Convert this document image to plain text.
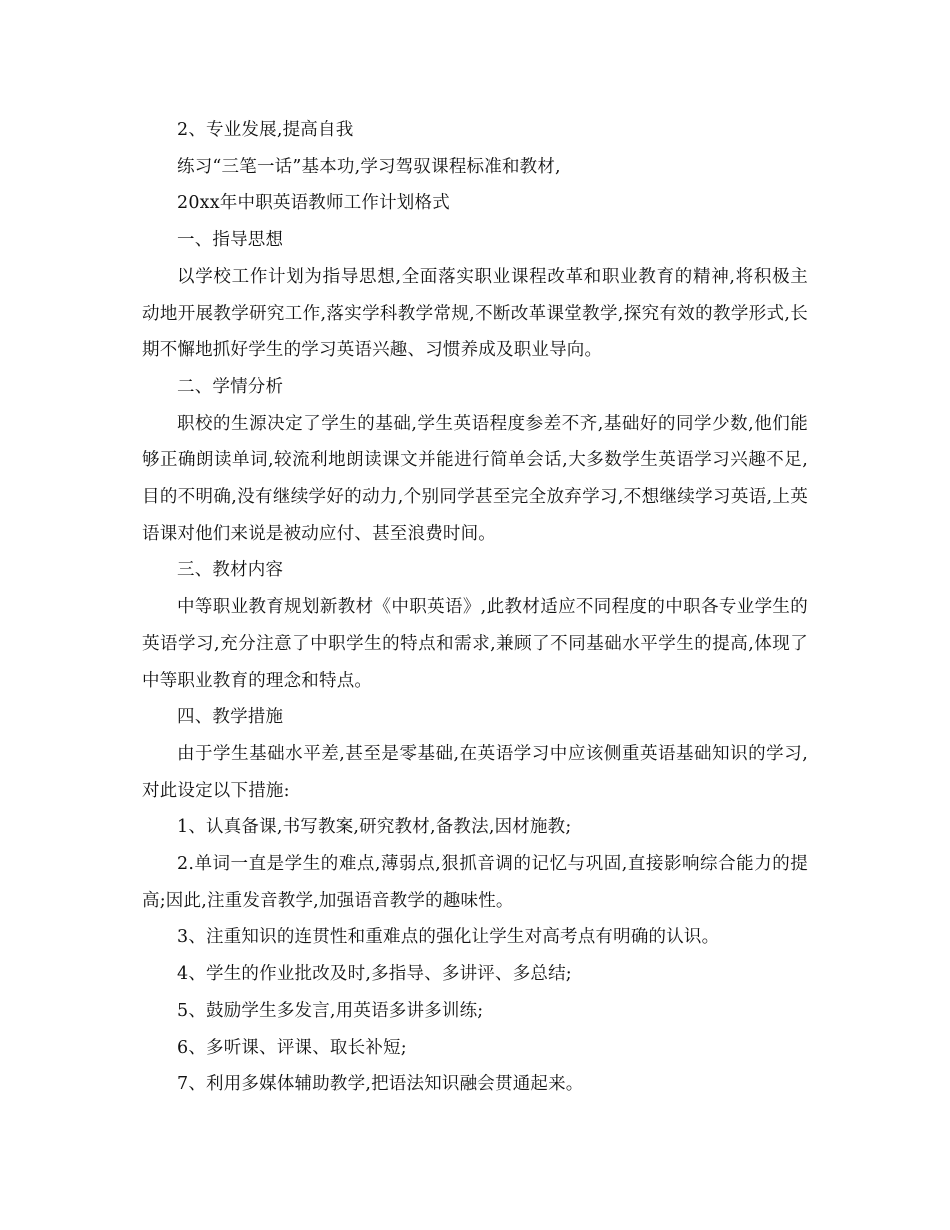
2、专业发展,提高自我

练习“三笔一话”基本功,学习驾驭课程标准和教材,

20xx年中职英语教师工作计划格式

一、指导思想

以学校工作计划为指导思想,全面落实职业课程改革和职业教育的精神,将积极主动地开展教学研究工作,落实学科教学常规,不断改革课堂教学,探究有效的教学形式,长期不懈地抓好学生的学习英语兴趣、习惯养成及职业导向。

二、学情分析

职校的生源决定了学生的基础,学生英语程度参差不齐,基础好的同学少数,他们能够正确朗读单词,较流利地朗读课文并能进行简单会话,大多数学生英语学习兴趣不足,目的不明确,没有继续学好的动力,个别同学甚至完全放弃学习,不想继续学习英语,上英语课对他们来说是被动应付、甚至浪费时间。

三、教材内容

中等职业教育规划新教材《中职英语》,此教材适应不同程度的中职各专业学生的英语学习,充分注意了中职学生的特点和需求,兼顾了不同基础水平学生的提高,体现了中等职业教育的理念和特点。

四、教学措施

由于学生基础水平差,甚至是零基础,在英语学习中应该侧重英语基础知识的学习,对此设定以下措施:

1、认真备课,书写教案,研究教材,备教法,因材施教;

2.单词一直是学生的难点,薄弱点,狠抓音调的记忆与巩固,直接影响综合能力的提高;因此,注重发音教学,加强语音教学的趣味性。

3、注重知识的连贯性和重难点的强化让学生对高考点有明确的认识。

4、学生的作业批改及时,多指导、多讲评、多总结;

5、鼓励学生多发言,用英语多讲多训练;

6、多听课、评课、取长补短;

7、利用多媒体辅助教学,把语法知识融会贯通起来。
